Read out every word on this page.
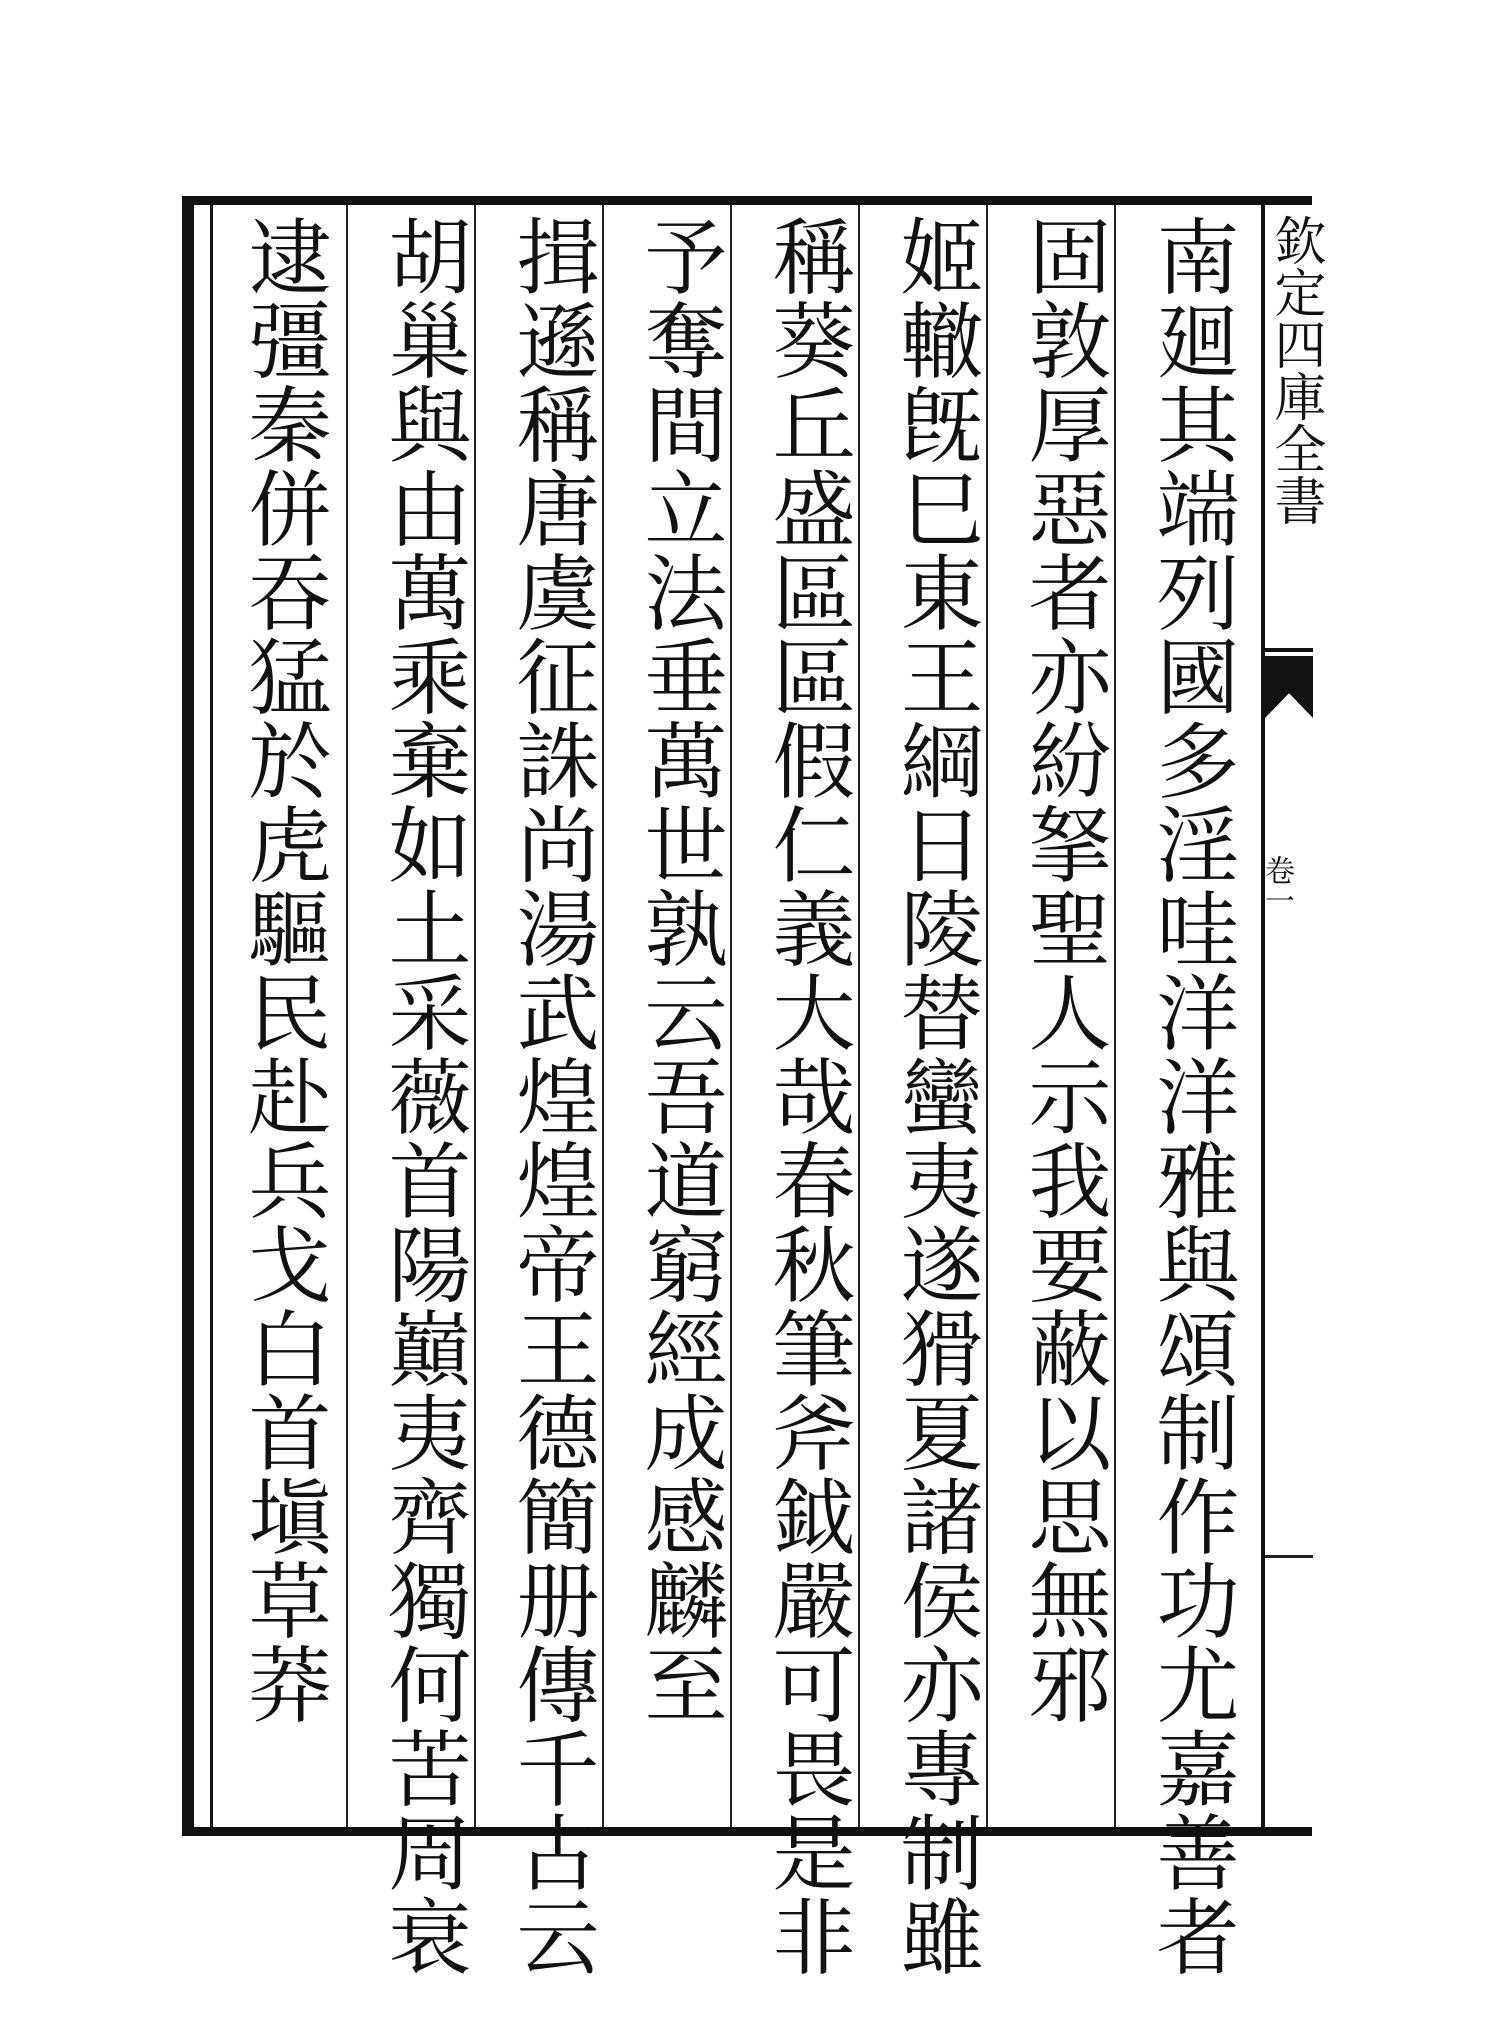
南廻其端列國多淫哇洋洋雅與頌制作功尤嘉善者
固敦厚惡者亦紛拏聖人示我要蔽以思無邪
姬轍旣巳東王綱日陵替蠻夷遂猾夏諸侯亦專制雖
稱葵丘盛區區假仁義大哉春秋筆斧鉞嚴可畏是非
予奪間立法垂萬世孰云吾道窮經成感麟至
揖遜稱唐虞征誅尚湯武煌煌帝王德簡册傳千古云
胡巢與由萬乘棄如土采薇首陽巔夷齊獨何苦周衰
逮彊秦併吞猛於虎驅民赴兵戈白首塡草莽	欽定四庫全書
卷一
